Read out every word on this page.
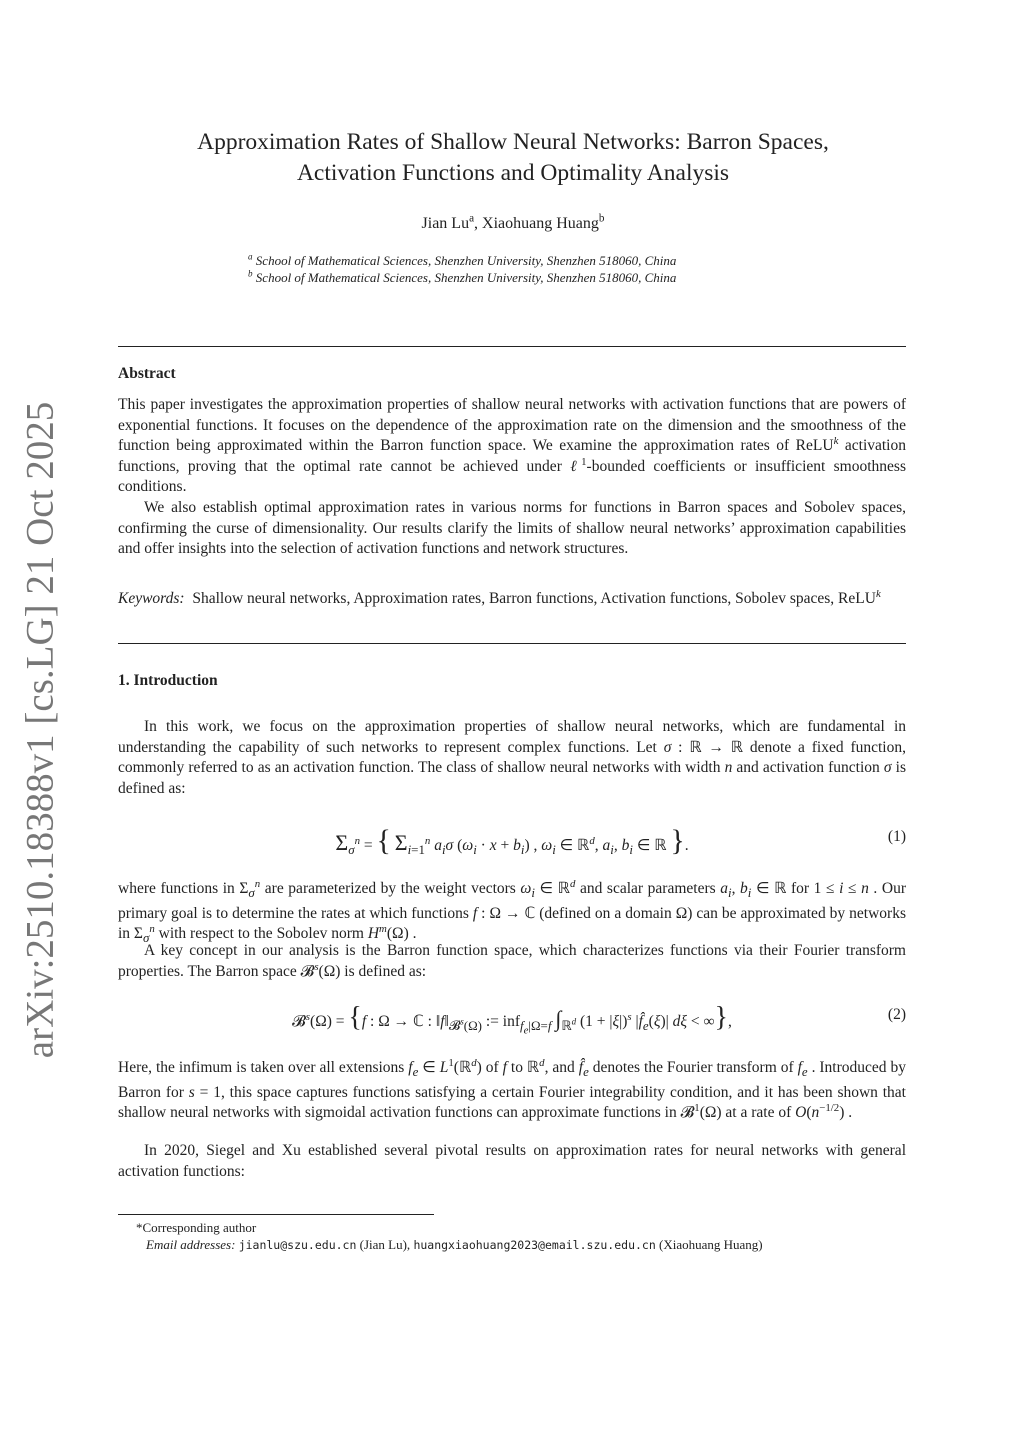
arXiv:2510.18388v1 [cs.LG] 21 Oct 2025
Approximation Rates of Shallow Neural Networks: Barron Spaces,
Activation Functions and Optimality Analysis
Jian Lu$^a$, Xiaohuang Huang$^b$
$^a$ School of Mathematical Sciences, Shenzhen University, Shenzhen 518060, China
$^b$ School of Mathematical Sciences, Shenzhen University, Shenzhen 518060, China
Abstract
This paper investigates the approximation properties of shallow neural networks with activation functions that are powers of exponential functions. It focuses on the dependence of the approximation rate on the dimension and the smoothness of the function being approximated within the Barron function space. We examine the approximation rates of ReLU$^k$ activation functions, proving that the optimal rate cannot be achieved under ℓ$^1$-bounded coefficients or insufficient smoothness conditions.
We also establish optimal approximation rates in various norms for functions in Barron spaces and Sobolev spaces, confirming the curse of dimensionality. Our results clarify the limits of shallow neural networks’ approximation capabilities and offer insights into the selection of activation functions and network structures.
Keywords:  Shallow neural networks, Approximation rates, Barron functions, Activation functions, Sobolev spaces, ReLU$^k$
1. Introduction
In this work, we focus on the approximation properties of shallow neural networks, which are fundamental in understanding the capability of such networks to represent complex functions. Let σ : ℝ → ℝ denote a fixed function, commonly referred to as an activation function. The class of shallow neural networks with width n and activation function σ is defined as:
$\Sigma_\sigma^n$ = { $\Sigma_{i=1}^n$ $a_i\sigma$ $(\omega_i \cdot x + b_i)$ , $\omega_i$ ∈ ℝ$^d$, $a_i$, $b_i$ ∈ ℝ }.
(1)
where functions in $\Sigma_\sigma^n$ are parameterized by the weight vectors $\omega_i$ ∈ ℝ$^d$ and scalar parameters $a_i$, $b_i$ ∈ ℝ for 1 ≤ i ≤ n . Our primary goal is to determine the rates at which functions f : Ω → ℂ (defined on a domain Ω) can be approximated by networks in $\Sigma_\sigma^n$ with respect to the Sobolev norm $H^m(\Omega)$ .
A key concept in our analysis is the Barron function space, which characterizes functions via their Fourier transform properties. The Barron space 𝓑$^s$(Ω) is defined as:
𝓑$^s$(Ω) = {f : Ω → ℂ : $‖f‖_{𝓑^s(\Omega)}$ := inf$_{f_e|\Omega=f}$ $\int_{ℝ^d}$ $(1 + |\xi|)^s$ $|f̂_e(\xi)|$ dξ < ∞},	(2)
Here, the infimum is taken over all extensions $f_e$ ∈ $L^1(ℝ^d)$ of f to ℝ$^d$, and $f̂_e$ denotes the Fourier transform of $f_e$ . Introduced by Barron for s = 1, this space captures functions satisfying a certain Fourier integrability condition, and it has been shown that shallow neural networks with sigmoidal activation functions can approximate functions in 𝓑$^1$(Ω) at a rate of $O(n^{-1/2})$ .
In 2020, Siegel and Xu established several pivotal results on approximation rates for neural networks with general activation functions:
*Corresponding author
Email addresses: jianlu@szu.edu.cn (Jian Lu), huangxiaohuang2023@email.szu.edu.cn (Xiaohuang Huang)
